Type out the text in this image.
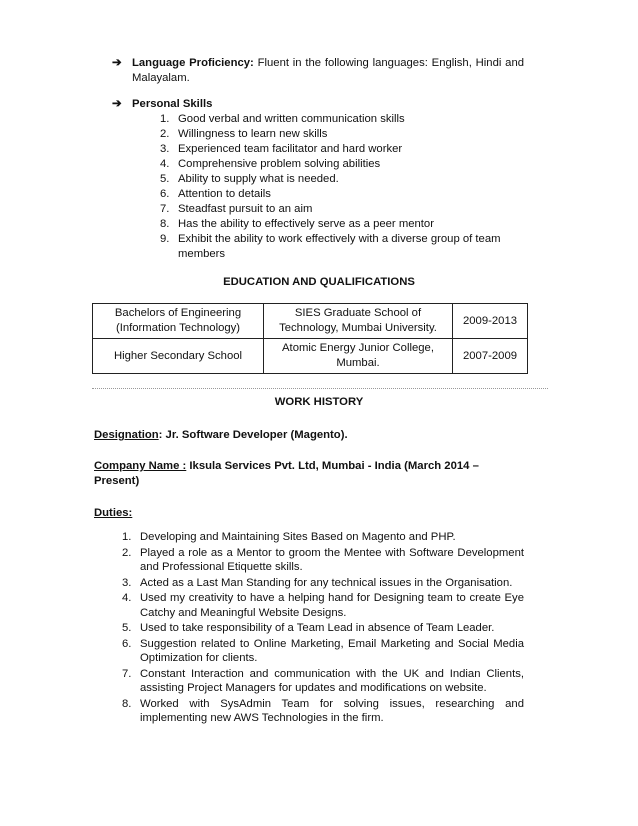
➔ Language Proficiency: Fluent in the following languages: English, Hindi and Malayalam.
➔ Personal Skills
1. Good verbal and written communication skills
2. Willingness to learn new skills
3. Experienced team facilitator and hard worker
4. Comprehensive problem solving abilities
5. Ability to supply what is needed.
6. Attention to details
7. Steadfast pursuit to an aim
8. Has the ability to effectively serve as a peer mentor
9. Exhibit the ability to work effectively with a diverse group of team members
EDUCATION AND QUALIFICATIONS
Bachelors of Engineering (Information Technology)	SIES Graduate School of Technology, Mumbai University.	2009-2013
Higher Secondary School	Atomic Energy Junior College, Mumbai.	2007-2009
WORK HISTORY
Designation: Jr. Software Developer (Magento).
Company Name : Iksula Services Pvt. Ltd, Mumbai - India (March 2014 – Present)
Duties:
1. Developing and Maintaining Sites Based on Magento and PHP.
2. Played a role as a Mentor to groom the Mentee with Software Development and Professional Etiquette skills.
3. Acted as a Last Man Standing for any technical issues in the Organisation.
4. Used my creativity to have a helping hand for Designing team to create Eye Catchy and Meaningful Website Designs.
5. Used to take responsibility of a Team Lead in absence of Team Leader.
6. Suggestion related to Online Marketing, Email Marketing and Social Media Optimization for clients.
7. Constant Interaction and communication with the UK and Indian Clients, assisting Project Managers for updates and modifications on website.
8. Worked with SysAdmin Team for solving issues, researching and implementing new AWS Technologies in the firm.
